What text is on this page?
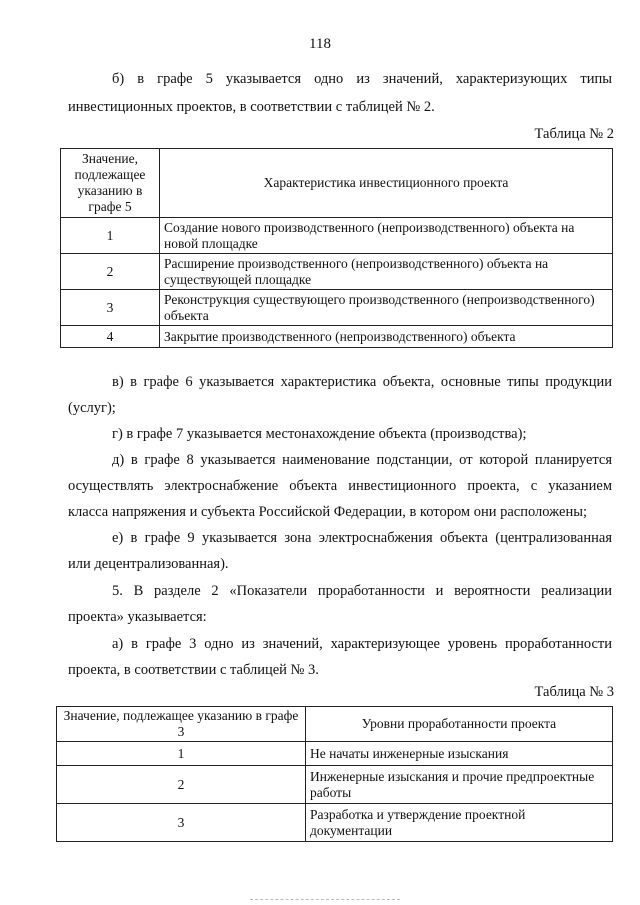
118
б) в графе 5 указывается одно из значений, характеризующих типы
инвестиционных проектов, в соответствии с таблицей № 2.
Таблица № 2
Значение, подлежащее указанию в графе 5	Характеристика инвестиционного проекта
1	Создание нового производственного (непроизводственного) объекта на новой площадке
2	Расширение производственного (непроизводственного) объекта на существующей площадке
3	Реконструкция существующего производственного (непроизводственного) объекта
4	Закрытие производственного (непроизводственного) объекта
в) в графе 6 указывается характеристика объекта, основные типы продукции
(услуг);
г) в графе 7 указывается местонахождение объекта (производства);
д) в графе 8 указывается наименование подстанции, от которой планируется
осуществлять электроснабжение объекта инвестиционного проекта, с указанием
класса напряжения и субъекта Российской Федерации, в котором они расположены;
е) в графе 9 указывается зона электроснабжения объекта (централизованная
или децентрализованная).
5. В разделе 2 «Показатели проработанности и вероятности реализации
проекта» указывается:
а) в графе 3 одно из значений, характеризующее уровень проработанности
проекта, в соответствии с таблицей № 3.
Таблица № 3
Значение, подлежащее указанию в графе 3	Уровни проработанности проекта
1	Не начаты инженерные изыскания
2	Инженерные изыскания и прочие предпроектные работы
3	Разработка и утверждение проектной документации
